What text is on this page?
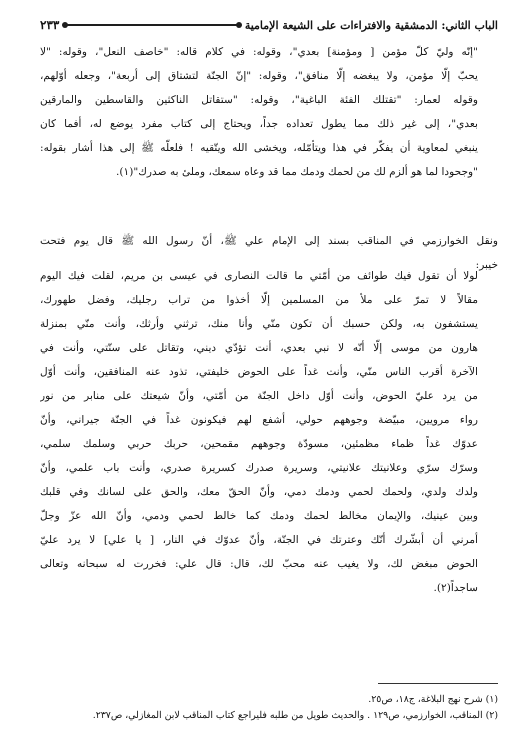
الباب الثاني: الدمشقية والافتراءات على الشيعة الإمامية
٢٣٣
"إنّه وليّ كلّ مؤمن [ ومؤمنة] بعدي"، وقوله: في كلام قاله: "خاصف النعل"، وقوله: "لا
يحبّ إلّا مؤمن، ولا يبغضه إلّا منافق"، وقوله: "إنّ الجنّة لتشتاق إلى أربعة"، وجعله أوّلهم،
وقوله لعمار: "تقتلك الفئة الباغية"، وقوله: "ستقاتل الناكثين والقاسطين والمارقين
بعدي"، إلى غير ذلك مما يطول تعداده جداً، ويحتاج إلى كتاب مفرد يوضع له، أفما كان
ينبغي لمعاوية أن يفكّر في هذا ويتأمّله، ويخشى الله ويتّقيه ! فلعلّه ﷺ إلى هذا أشار بقوله:
"وجحودا لما هو ألزم لك من لحمك ودمك مما قد وعاه سمعك، وملئ به صدرك"(١).
ونقل الخوارزمي في المناقب بسند إلى الإمام علي ﷺ، أنّ رسول الله ﷺ قال يوم فتحت
خيبر:
لولا أن تقول فيك طوائف من أمّتي ما قالت النصارى في عيسى بن مريم، لقلت فيك اليوم
مقالاً لا تمرّ على ملأ من المسلمين إلّا أخذوا من تراب رجليك، وفضل طهورك،
يستشفون به، ولكن حسبك أن تكون منّي وأنا منك، ترثني وأرثك، وأنت منّي بمنزلة
هارون من موسى إلّا أنّه لا نبي بعدي، أنت تؤدّي ديني، وتقاتل على سنّتي، وأنت في
الآخرة أقرب الناس منّي، وأنت غداً على الحوض خليفتي، تذود عنه المنافقين، وأنت أوّل
من يرد عليّ الحوض، وأنت أوّل داخل الجنّة من أمّتي، وأنّ شيعتك على منابر من نور
رواء مرويين، مبيّضة وجوههم حولي، أشفع لهم فيكونون غداً في الجنّة جيراني، وأنّ
عدوّك غداً ظماء مظمئين، مسودّة وجوههم مقمحين، حربك حربي وسلمك سلمي،
وسرّك سرّي وعلانيتك علانيتي، وسريرة صدرك كسريرة صدري، وأنت باب علمي، وأنّ
ولدك ولدي، ولحمك لحمي ودمك دمي، وأنّ الحقّ معك، والحق على لسانك وفي قلبك
وبين عينيك، والإيمان مخالط لحمك ودمك كما خالط لحمي ودمي، وأنّ الله عزّ وجلّ
أمرني أن أبشّرك أنّك وعترتك في الجنّة، وأنّ عدوّك في النار، [ يا علي] لا يرد عليّ
الحوض مبغض لك، ولا يغيب عنه محبّ لك، قال: قال علي: فخررت له سبحانه وتعالى
ساجداً(٢).
(١) شرح نهج البلاغة، ج١٨، ص٢٥.
(٢) المناقب، الخوارزمي، ص١٢٩ . والحديث طويل من طلبه فليراجع كتاب المناقب لابن المغازلي، ص٢٣٧.
